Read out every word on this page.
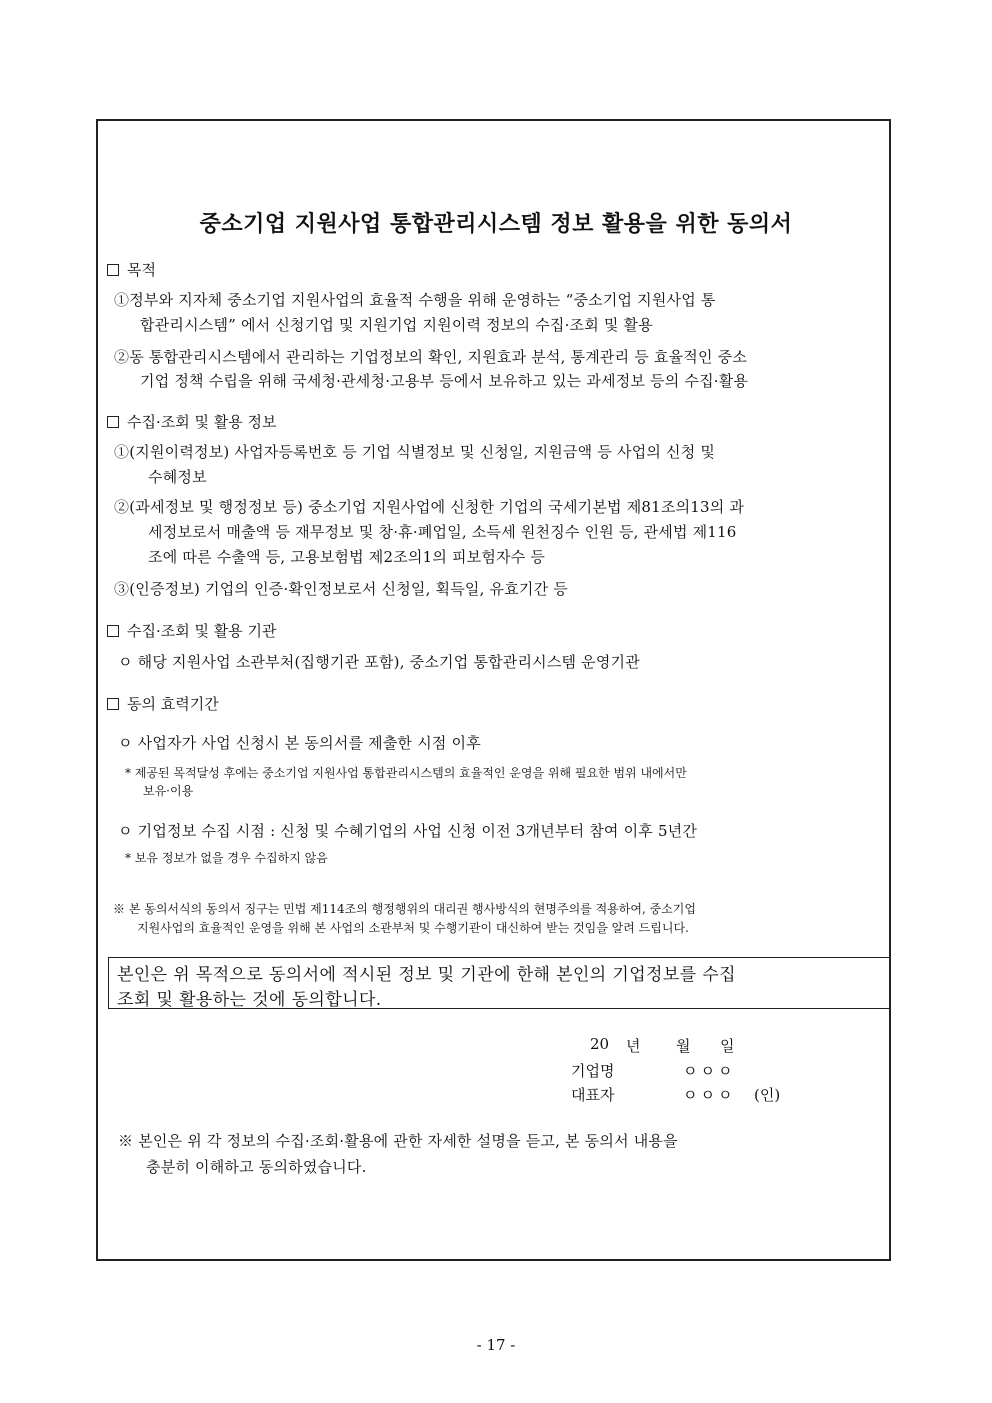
중소기업 지원사업 통합관리시스템 정보 활용을 위한 동의서
목적
①정부와 지자체 중소기업 지원사업의 효율적 수행을 위해 운영하는 “중소기업 지원사업 통
합관리시스템” 에서 신청기업 및 지원기업 지원이력 정보의 수집·조회 및 활용
②동 통합관리시스템에서 관리하는 기업정보의 확인, 지원효과 분석, 통계관리 등 효율적인 중소
기업 정책 수립을 위해 국세청·관세청·고용부 등에서 보유하고 있는 과세정보 등의 수집·활용
수집·조회 및 활용 정보
①(지원이력정보) 사업자등록번호 등 기업 식별정보 및 신청일, 지원금액 등 사업의 신청 및
수혜정보
②(과세정보 및 행정정보 등) 중소기업 지원사업에 신청한 기업의 국세기본법 제81조의13의 과
세정보로서 매출액 등 재무정보 및 창·휴·폐업일, 소득세 원천징수 인원 등, 관세법 제116
조에 따른 수출액 등, 고용보험법 제2조의1의 피보험자수 등
③(인증정보) 기업의 인증·확인정보로서 신청일, 획득일, 유효기간 등
수집·조회 및 활용 기관
ㅇ 해당 지원사업 소관부처(집행기관 포함), 중소기업 통합관리시스템 운영기관
동의 효력기간
ㅇ 사업자가 사업 신청시 본 동의서를 제출한 시점 이후
* 제공된 목적달성 후에는 중소기업 지원사업 통합관리시스템의 효율적인 운영을 위해 필요한 범위 내에서만
보유·이용
ㅇ 기업정보 수집 시점 : 신청 및 수혜기업의 사업 신청 이전 3개년부터 참여 이후 5년간
* 보유 정보가 없을 경우 수집하지 않음
※ 본 동의서식의 동의서 징구는 민법 제114조의 행정행위의 대리권 행사방식의 현명주의를 적용하여, 중소기업
지원사업의 효율적인 운영을 위해 본 사업의 소관부처 및 수행기관이 대신하여 받는 것임을 알려 드립니다.
본인은 위 목적으로 동의서에 적시된 정보 및 기관에 한해 본인의 기업정보를 수집
조회 및 활용하는 것에 동의합니다.
20 년 월 일
기업명	ㅇㅇㅇ
대표자	ㅇㅇㅇ (인)
※ 본인은 위 각 정보의 수집·조회·활용에 관한 자세한 설명을 듣고, 본 동의서 내용을
충분히 이해하고 동의하였습니다.
- 17 -
